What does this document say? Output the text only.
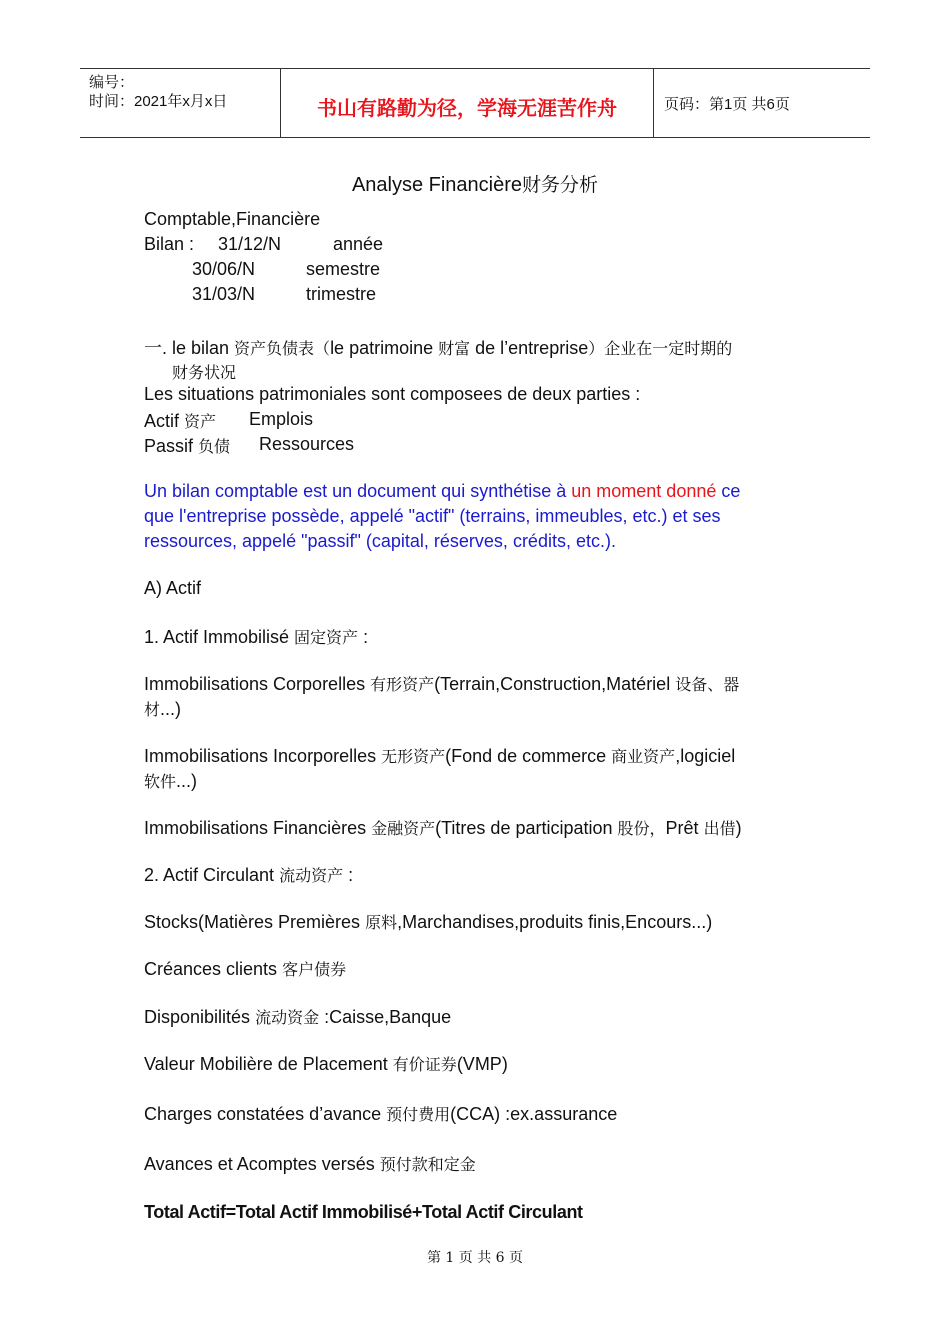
编号：
时间：2021年x月x日	书山有路勤为径，学海无涯苦作舟	页码：第1页 共6页
Analyse Financière财务分析
Comptable,Financière
Bilan : 31/12/N	année
30/06/N	semestre
31/03/N	trimestre
一. le bilan 资产负债表（le patrimoine 财富 de l’entreprise）企业在一定时期的
财务状况
Les situations patrimoniales sont composees de deux parties :
Actif 资产 Emplois
Passif 负债 Ressources
Un bilan comptable est un document qui synthétise à un moment donné ce
que l'entreprise possède, appelé "actif" (terrains, immeubles, etc.) et ses
ressources, appelé "passif" (capital, réserves, crédits, etc.).
A) Actif
1. Actif Immobilisé 固定资产 :
Immobilisations Corporelles 有形资产(Terrain,Construction,Matériel 设备、器
材...)
Immobilisations Incorporelles 无形资产(Fond de commerce 商业资产,logiciel
软件...)
Immobilisations Financières 金融资产(Titres de participation 股份，Prêt 出借)
2. Actif Circulant 流动资产 :
Stocks(Matières Premières 原料,Marchandises,produits finis,Encours...)
Créances clients 客户债券
Disponibilités 流动资金 :Caisse,Banque
Valeur Mobilière de Placement 有价证券(VMP)
Charges constatées d’avance 预付费用(CCA) :ex.assurance
Avances et Acomptes versés 预付款和定金
Total Actif=Total Actif Immobilisé+Total Actif Circulant
第 1 页 共 6 页
